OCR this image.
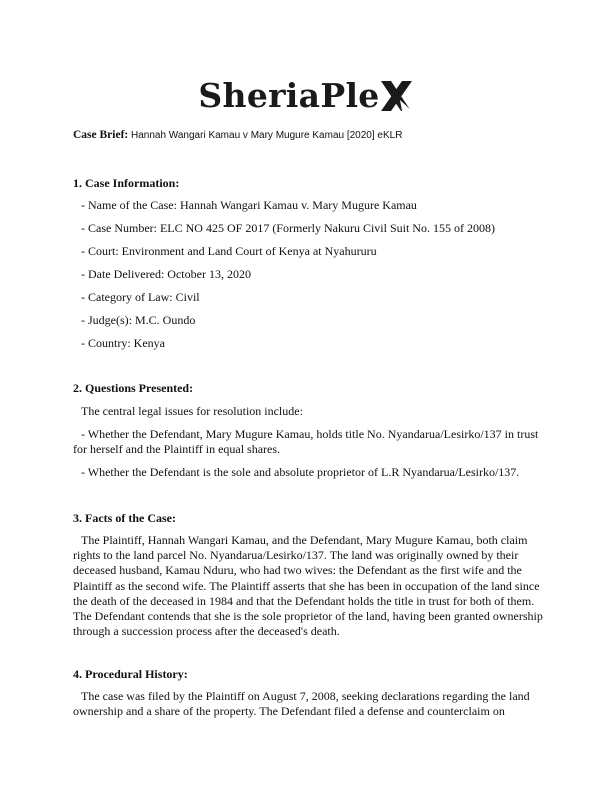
SheriaPle
Case Brief: Hannah Wangari Kamau v Mary Mugure Kamau [2020] eKLR
1. Case Information:
- Name of the Case: Hannah Wangari Kamau v. Mary Mugure Kamau
- Case Number: ELC NO 425 OF 2017 (Formerly Nakuru Civil Suit No. 155 of 2008)
- Court: Environment and Land Court of Kenya at Nyahururu
- Date Delivered: October 13, 2020
- Category of Law: Civil
- Judge(s): M.C. Oundo
- Country: Kenya
2. Questions Presented:
The central legal issues for resolution include:
- Whether the Defendant, Mary Mugure Kamau, holds title No. Nyandarua/Lesirko/137 in trust for herself and the Plaintiff in equal shares.
- Whether the Defendant is the sole and absolute proprietor of L.R Nyandarua/Lesirko/137.
3. Facts of the Case:
The Plaintiff, Hannah Wangari Kamau, and the Defendant, Mary Mugure Kamau, both claim rights to the land parcel No. Nyandarua/Lesirko/137. The land was originally owned by their deceased husband, Kamau Nduru, who had two wives: the Defendant as the first wife and the Plaintiff as the second wife. The Plaintiff asserts that she has been in occupation of the land since the death of the deceased in 1984 and that the Defendant holds the title in trust for both of them. The Defendant contends that she is the sole proprietor of the land, having been granted ownership through a succession process after the deceased's death.
4. Procedural History:
The case was filed by the Plaintiff on August 7, 2008, seeking declarations regarding the land ownership and a share of the property. The Defendant filed a defense and counterclaim on
